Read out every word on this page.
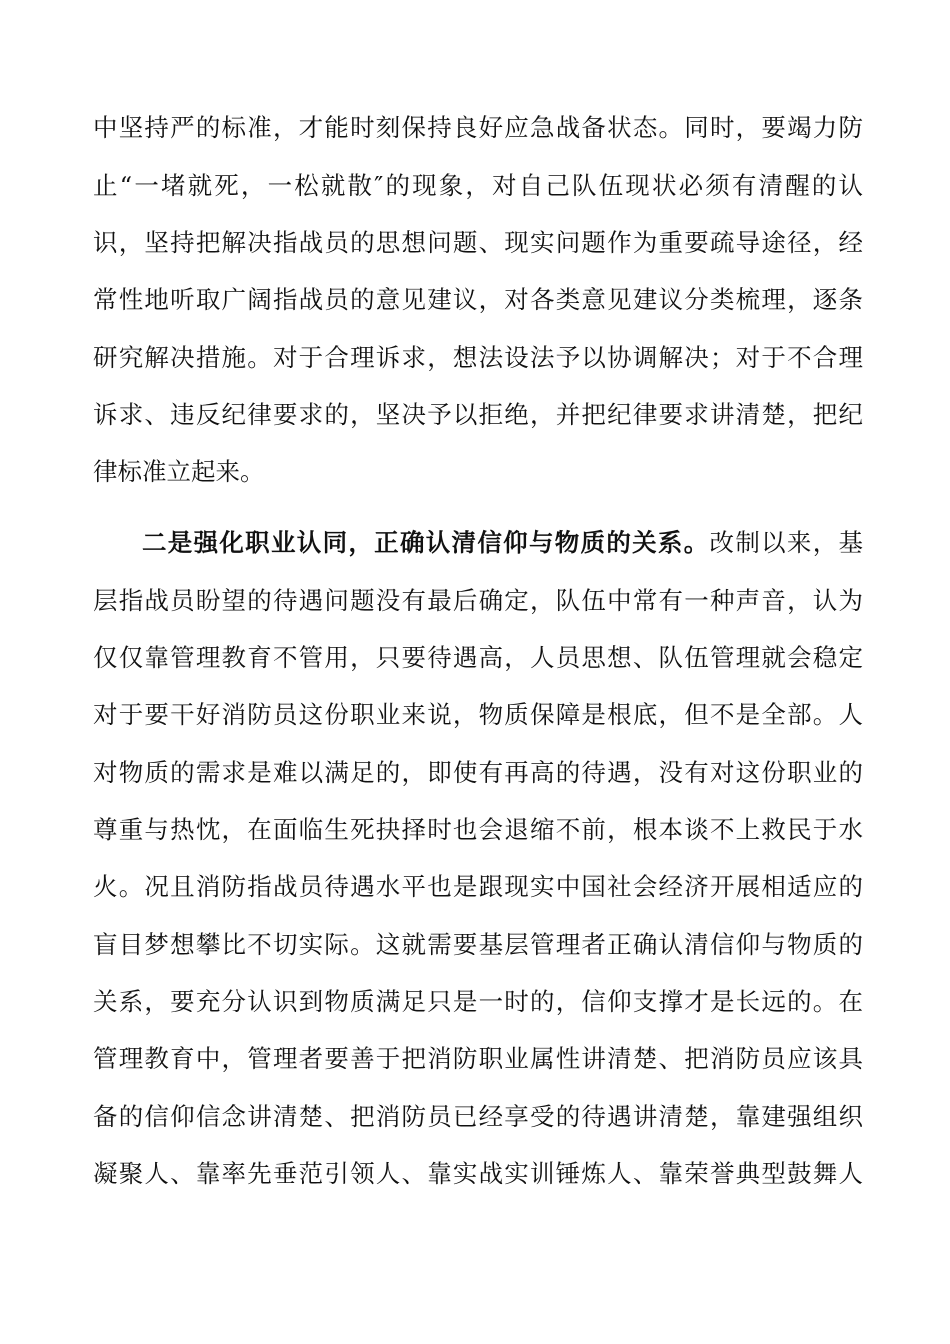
中坚持严的标准，才能时刻保持良好应急战备状态。同时，要竭力防
止“一堵就死，一松就散″的现象，对自己队伍现状必须有清醒的认
识，坚持把解决指战员的思想问题、现实问题作为重要疏导途径，经
常性地听取广阔指战员的意见建议，对各类意见建议分类梳理，逐条
研究解决措施。对于合理诉求，想法设法予以协调解决；对于不合理
诉求、违反纪律要求的，坚决予以拒绝，并把纪律要求讲清楚，把纪
律标准立起来。
二是强化职业认同，正确认清信仰与物质的关系。改制以来，基
层指战员盼望的待遇问题没有最后确定，队伍中常有一种声音，认为
仅仅靠管理教育不管用，只要待遇高，人员思想、队伍管理就会稳定
对于要干好消防员这份职业来说，物质保障是根底，但不是全部。人
对物质的需求是难以满足的，即使有再高的待遇，没有对这份职业的
尊重与热忱，在面临生死抉择时也会退缩不前，根本谈不上救民于水
火。况且消防指战员待遇水平也是跟现实中国社会经济开展相适应的
盲目梦想攀比不切实际。这就需要基层管理者正确认清信仰与物质的
关系，要充分认识到物质满足只是一时的，信仰支撑才是长远的。在
管理教育中，管理者要善于把消防职业属性讲清楚、把消防员应该具
备的信仰信念讲清楚、把消防员已经享受的待遇讲清楚，靠建强组织
凝聚人、靠率先垂范引领人、靠实战实训锤炼人、靠荣誉典型鼓舞人
